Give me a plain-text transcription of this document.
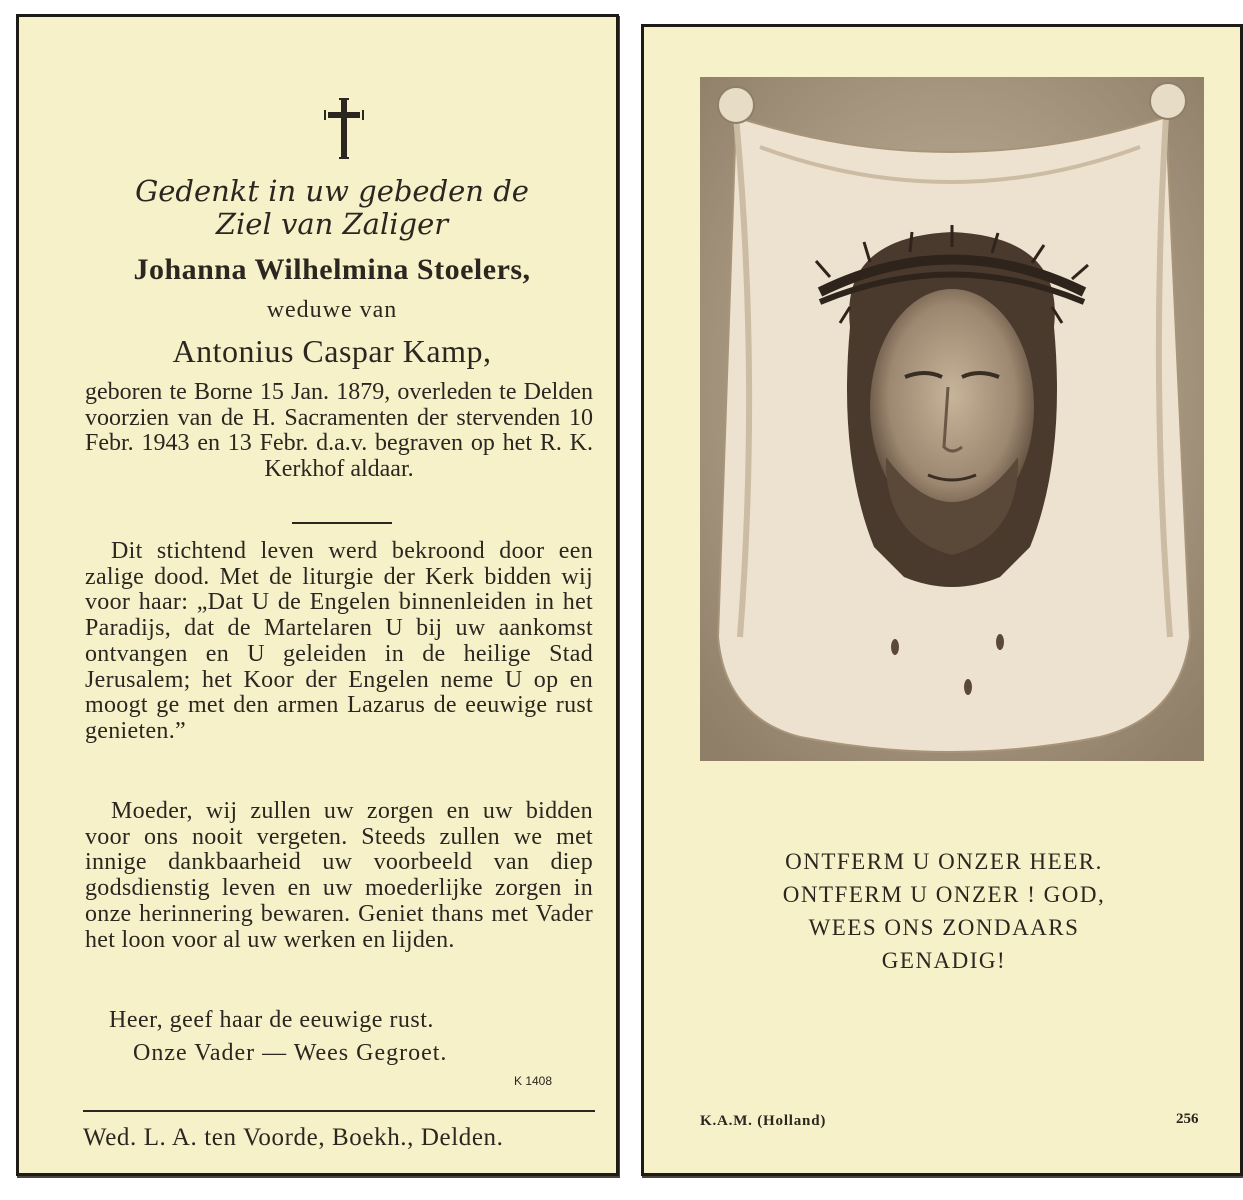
Gedenkt in uw gebeden de
Ziel van Zaliger
Johanna Wilhelmina Stoelers,
weduwe van
Antonius Caspar Kamp,

geboren te Borne 15 Jan. 1879, overleden te Delden voorzien van de H. Sacramenten der stervenden 10 Febr. 1943 en 13 Febr. d.a.v. begraven op het R. K. Kerkhof aldaar.

Dit stichtend leven werd bekroond door een zalige dood. Met de liturgie der Kerk bidden wij voor haar: „Dat U de Engelen binnenleiden in het Paradijs, dat de Martelaren U bij uw aankomst ontvangen en U geleiden in de heilige Stad Jerusalem; het Koor der Engelen neme U op en moogt ge met den armen Lazarus de eeuwige rust genieten.”

Moeder, wij zullen uw zorgen en uw bidden voor ons nooit vergeten. Steeds zullen we met innige dankbaarheid uw voorbeeld van diep godsdienstig leven en uw moederlijke zorgen in onze herinnering bewaren. Geniet thans met Vader het loon voor al uw werken en lijden.

Heer, geef haar de eeuwige rust.
Onze Vader — Wees Gegroet.
K 1408
Wed. L. A. ten Voorde, Boekh., Delden.
ONTFERM U ONZER HEER.
ONTFERM U ONZER ! GOD,
WEES ONS ZONDAARS
GENADIG!
K.A.M. (Holland)	256
